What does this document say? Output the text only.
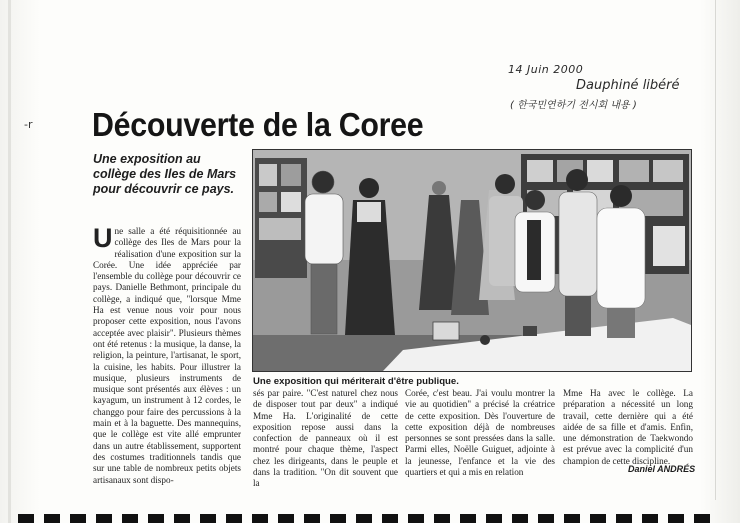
14 Juin 2000
Dauphiné libéré
( 한국민연하기 전시회 내용 )
-r Découverte de la Coree

Une exposition au collège des Iles de Mars pour découvrir ce pays.

Une salle a été réquisitionnée au collège des Iles de Mars pour la réalisation d'une exposition sur la Corée. Une idée appréciée par l'ensemble du collège pour découvrir ce pays. Danielle Bethmont, principale du collège, a indiqué que, "lorsque Mme Ha est venue nous voir pour nous proposer cette exposition, nous l'avons acceptée avec plaisir". Plusieurs thèmes ont été retenus : la musique, la danse, la religion, la peinture, l'artisanat, le sport, la cuisine, les habits. Pour illustrer la musique, plusieurs instruments de musique sont présentés aux élèves : un kayagum, un instrument à 12 cordes, le changgo pour faire des percussions à la main et à la baguette. Des mannequins, que le collège est vite allé emprunter dans un autre établissement, supportent des costumes traditionnels tandis que sur une table de nombreux petits objets artisanaux sont dispo-
Une exposition qui mériterait d'être publique.
sés par paire. "C'est naturel chez nous de disposer tout par deux" a indiqué Mme Ha. L'originalité de cette exposition repose aussi dans la confection de panneaux où il est montré pour chaque thème, l'aspect chez les dirigeants, dans le peuple et dans la tradition. "On dit souvent que la
Corée, c'est beau. J'ai voulu montrer la vie au quotidien" a précisé la créatrice de cette exposition. Dès l'ouverture de cette exposition déjà de nombreuses personnes se sont pressées dans la salle. Parmi elles, Noëlle Guiguet, adjointe à la jeunesse, l'enfance et la vie des quartiers et qui a mis en relation
Mme Ha avec le collège. La préparation a nécessité un long travail, cette dernière qui a été aidée de sa fille et d'amis. Enfin, une démonstration de Taekwondo est prévue avec la complicité d'un champion de cette discipline.
Daniel ANDRÉS
